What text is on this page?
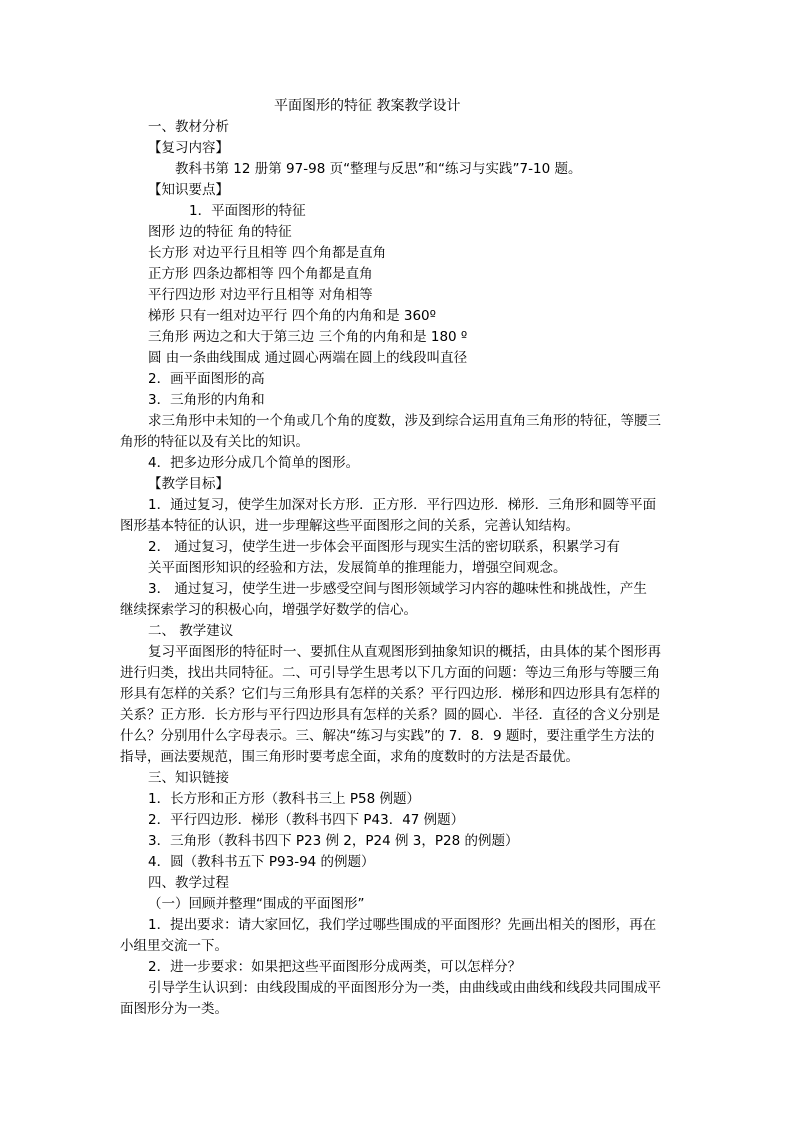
平面图形的特征 教案教学设计
一、教材分析
【复习内容】
教科书第 12 册第 97-98 页“整理与反思”和“练习与实践”7-10 题。
【知识要点】
1．平面图形的特征
图形 边的特征 角的特征
长方形 对边平行且相等 四个角都是直角
正方形 四条边都相等 四个角都是直角
平行四边形 对边平行且相等 对角相等
梯形 只有一组对边平行 四个角的内角和是 360º
三角形 两边之和大于第三边 三个角的内角和是 180 º
圆 由一条曲线围成 通过圆心两端在圆上的线段叫直径
2．画平面图形的高
3．三角形的内角和
求三角形中未知的一个角或几个角的度数，涉及到综合运用直角三角形的特征，等腰三
角形的特征以及有关比的知识。
4．把多边形分成几个简单的图形。
【教学目标】
1．通过复习，使学生加深对长方形．正方形．平行四边形．梯形．三角形和圆等平面
图形基本特征的认识，进一步理解这些平面图形之间的关系，完善认知结构。
2． 通过复习，使学生进一步体会平面图形与现实生活的密切联系，积累学习有
关平面图形知识的经验和方法，发展简单的推理能力，增强空间观念。
3． 通过复习，使学生进一步感受空间与图形领域学习内容的趣味性和挑战性，产生
继续探索学习的积极心向，增强学好数学的信心。
二、 教学建议
复习平面图形的特征时一、要抓住从直观图形到抽象知识的概括，由具体的某个图形再
进行归类，找出共同特征。二、可引导学生思考以下几方面的问题：等边三角形与等腰三角
形具有怎样的关系？它们与三角形具有怎样的关系？平行四边形．梯形和四边形具有怎样的
关系？正方形．长方形与平行四边形具有怎样的关系？圆的圆心．半径．直径的含义分别是
什么？分别用什么字母表示。三、解决“练习与实践”的 7．8．9 题时，要注重学生方法的
指导，画法要规范，围三角形时要考虑全面，求角的度数时的方法是否最优。
三、知识链接
1．长方形和正方形（教科书三上 P58 例题）
2．平行四边形．梯形（教科书四下 P43．47 例题）
3．三角形（教科书四下 P23 例 2，P24 例 3，P28 的例题）
4．圆（教科书五下 P93-94 的例题）
四、教学过程
（一）回顾并整理“围成的平面图形”
1．提出要求：请大家回忆，我们学过哪些围成的平面图形？先画出相关的图形，再在
小组里交流一下。
2．进一步要求：如果把这些平面图形分成两类，可以怎样分？
引导学生认识到：由线段围成的平面图形分为一类，由曲线或由曲线和线段共同围成平
面图形分为一类。
